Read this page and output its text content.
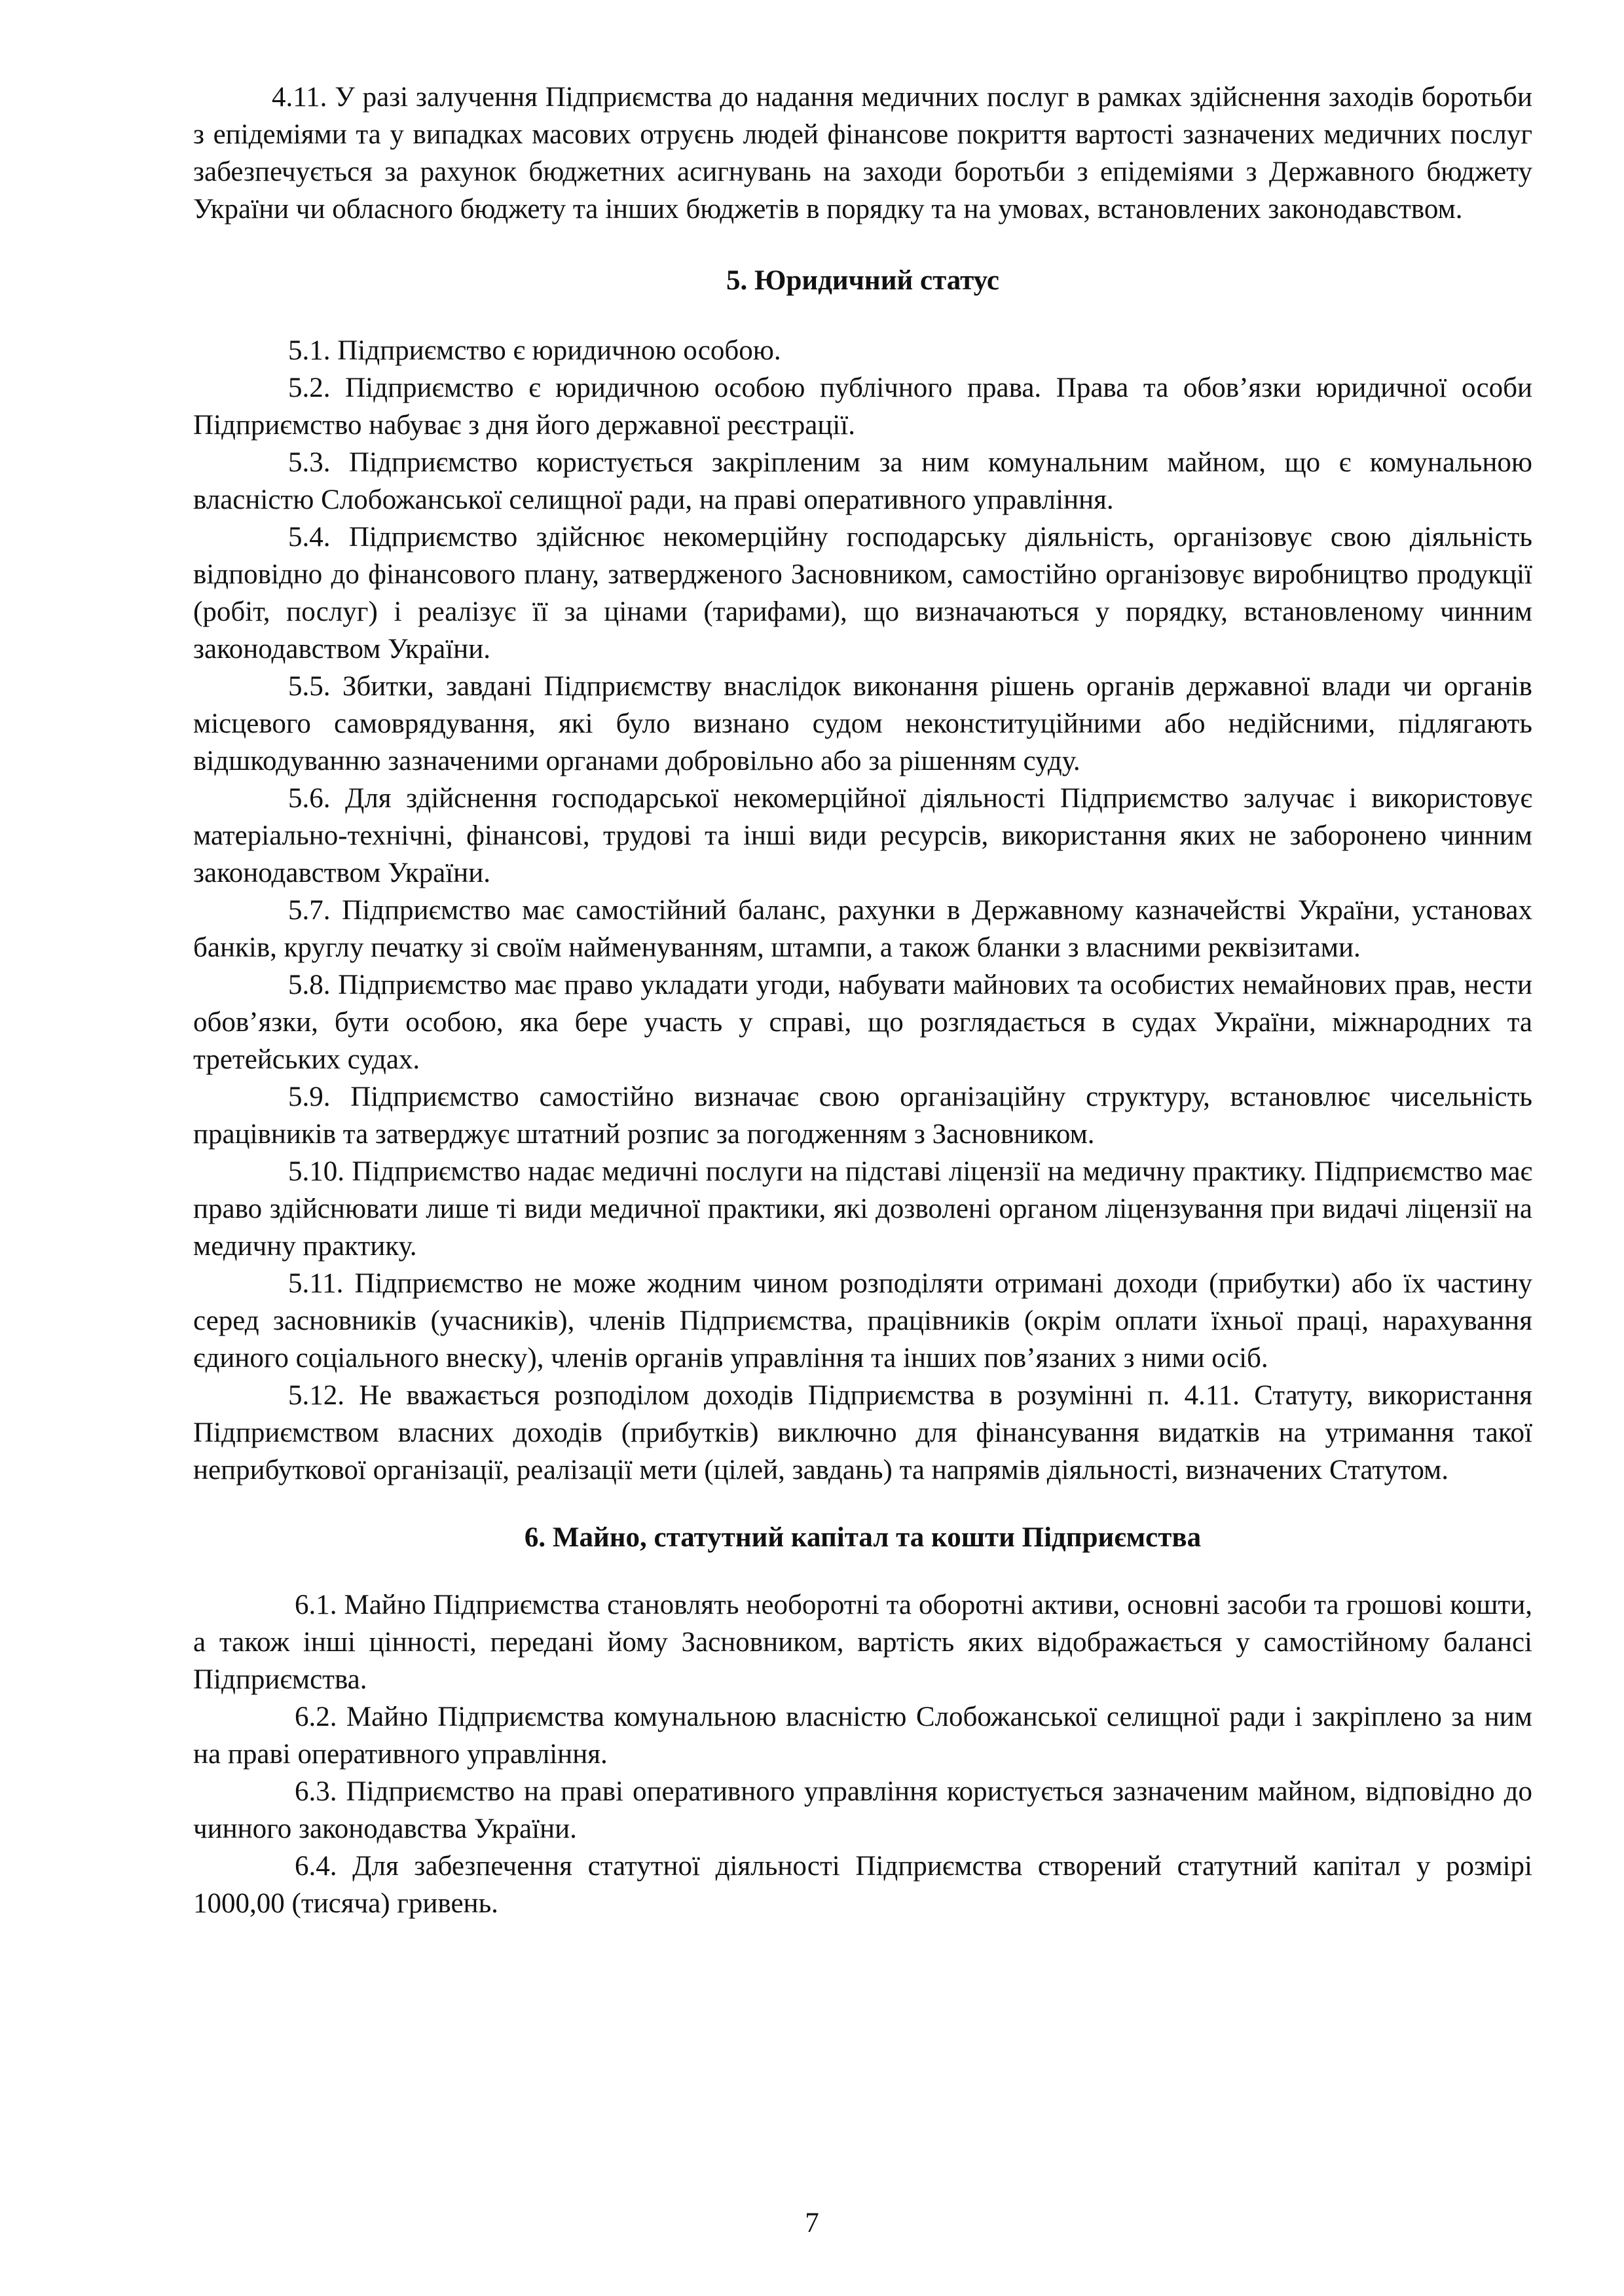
4.11. У разі залучення Підприємства до надання медичних послуг в рамках здійснення заходів боротьби з епідеміями та у випадках масових отруєнь людей фінансове покриття вартості зазначених медичних послуг забезпечується за рахунок бюджетних асигнувань на заходи боротьби з епідеміями з Державного бюджету України чи обласного бюджету та інших бюджетів в порядку та на умовах, встановлених законодавством.

5. Юридичний статус

5.1. Підприємство є юридичною особою.

5.2. Підприємство є юридичною особою публічного права. Права та обов’язки юридичної особи Підприємство набуває з дня його державної реєстрації.

5.3. Підприємство користується закріпленим за ним комунальним майном, що є комунальною власністю Слобожанської селищної ради, на праві оперативного управління.

5.4. Підприємство здійснює некомерційну господарську діяльність, організовує свою діяльність відповідно до фінансового плану, затвердженого Засновником, самостійно організовує виробництво продукції (робіт, послуг) і реалізує її за цінами (тарифами), що визначаються у порядку, встановленому чинним законодавством України.

5.5. Збитки, завдані Підприємству внаслідок виконання рішень органів державної влади чи органів місцевого самоврядування, які було визнано судом неконституційними або недійсними, підлягають відшкодуванню зазначеними органами добровільно або за рішенням суду.

5.6. Для здійснення господарської некомерційної діяльності Підприємство залучає і використовує матеріально-технічні, фінансові, трудові та інші види ресурсів, використання яких не заборонено чинним законодавством України.

5.7. Підприємство має самостійний баланс, рахунки в Державному казначействі України, установах банків, круглу печатку зі своїм найменуванням, штампи, а також бланки з власними реквізитами.

5.8. Підприємство має право укладати угоди, набувати майнових та особистих немайнових прав, нести обов’язки, бути особою, яка бере участь у справі, що розглядається в судах України, міжнародних та третейських судах.

5.9. Підприємство самостійно визначає свою організаційну структуру, встановлює чисельність працівників та затверджує штатний розпис за погодженням з Засновником.

5.10. Підприємство надає медичні послуги на підставі ліцензії на медичну практику. Підприємство має право здійснювати лише ті види медичної практики, які дозволені органом ліцензування при видачі ліцензії на медичну практику.

5.11. Підприємство не може жодним чином розподіляти отримані доходи (прибутки) або їх частину серед засновників (учасників), членів Підприємства, працівників (окрім оплати їхньої праці, нарахування єдиного соціального внеску), членів органів управління та інших пов’язаних з ними осіб.

5.12. Не вважається розподілом доходів Підприємства в розумінні п. 4.11. Статуту, використання Підприємством власних доходів (прибутків) виключно для фінансування видатків на утримання такої неприбуткової організації, реалізації мети (цілей, завдань) та напрямів діяльності, визначених Статутом.

6. Майно, статутний капітал та кошти Підприємства

6.1. Майно Підприємства становлять необоротні та оборотні активи, основні засоби та грошові кошти, а також інші цінності, передані йому Засновником, вартість яких відображається у самостійному балансі Підприємства.

6.2. Майно Підприємства комунальною власністю Слобожанської селищної ради і закріплено за ним на праві оперативного управління.

6.3. Підприємство на праві оперативного управління користується зазначеним майном, відповідно до чинного законодавства України.

6.4. Для забезпечення статутної діяльності Підприємства створений статутний капітал у розмірі 1000,00 (тисяча) гривень.

7
